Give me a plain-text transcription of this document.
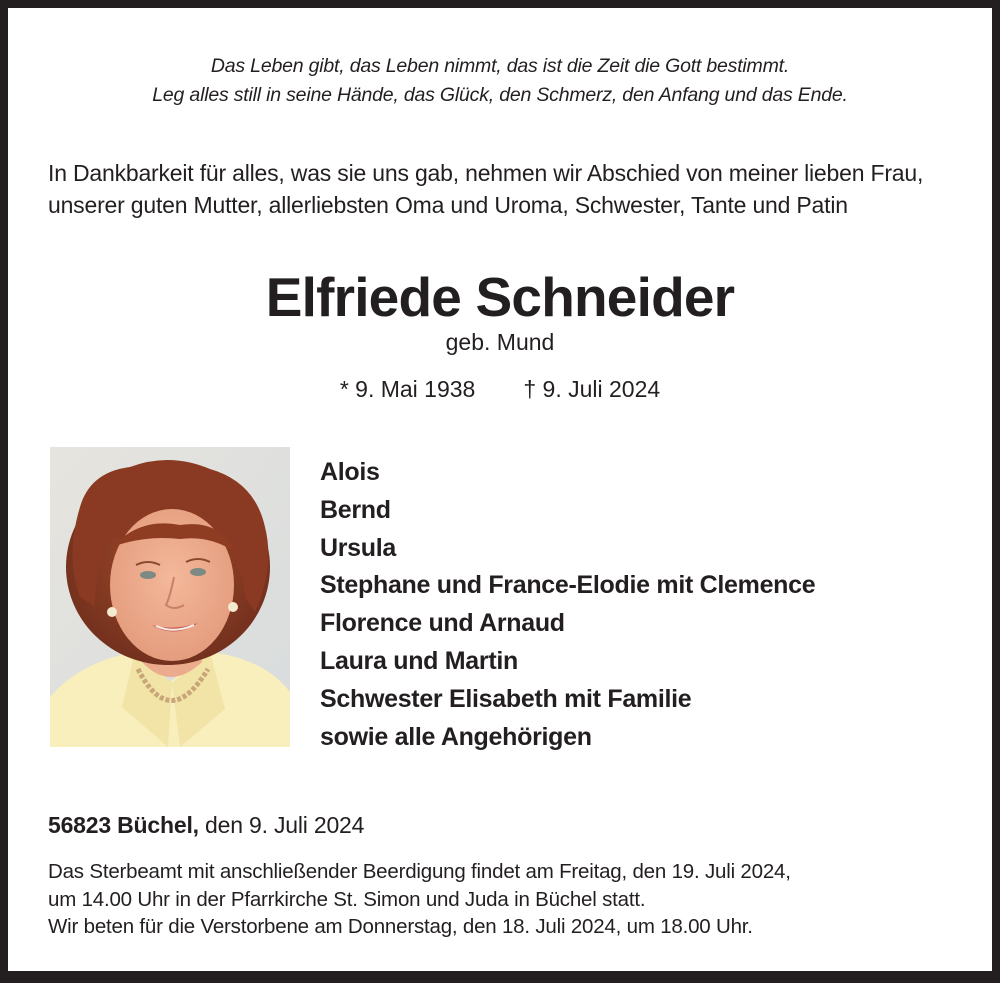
Das Leben gibt, das Leben nimmt, das ist die Zeit die Gott bestimmt.
Leg alles still in seine Hände, das Glück, den Schmerz, den Anfang und das Ende.
In Dankbarkeit für alles, was sie uns gab, nehmen wir Abschied von meiner lieben Frau, unserer guten Mutter, allerliebsten Oma und Uroma, Schwester, Tante und Patin
Elfriede Schneider
geb. Mund
* 9. Mai 1938 † 9. Juli 2024
Alois
Bernd
Ursula
Stephane und France-Elodie mit Clemence
Florence und Arnaud
Laura und Martin
Schwester Elisabeth mit Familie
sowie alle Angehörigen
56823 Büchel, den 9. Juli 2024
Das Sterbeamt mit anschließender Beerdigung findet am Freitag, den 19. Juli 2024,
um 14.00 Uhr in der Pfarrkirche St. Simon und Juda in Büchel statt.
Wir beten für die Verstorbene am Donnerstag, den 18. Juli 2024, um 18.00 Uhr.
